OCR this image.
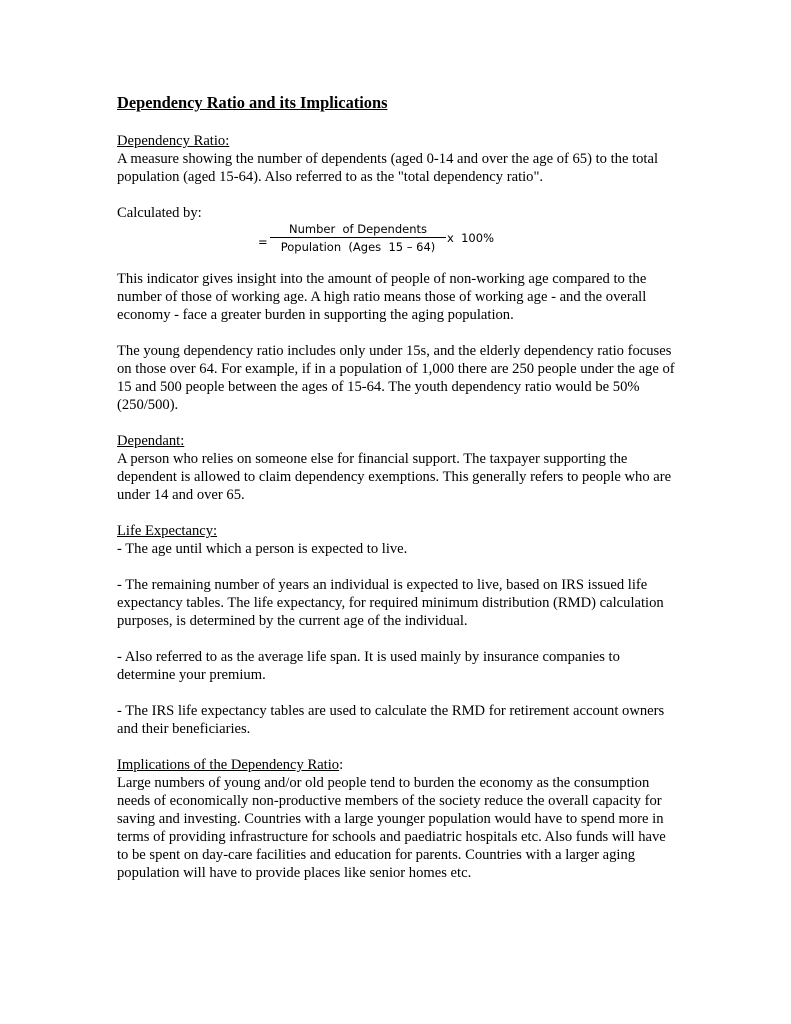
Dependency Ratio and its Implications

Dependency Ratio:

A measure showing the number of dependents (aged 0-14 and over the age of 65) to the total population (aged 15-64). Also referred to as the "total dependency ratio".

Calculated by:

=
Number  of Dependents
Population  (Ages  15 – 64)
x  100%

This indicator gives insight into the amount of people of non-working age compared to the number of those of working age. A high ratio means those of working age - and the overall economy - face a greater burden in supporting the aging population.

The young dependency ratio includes only under 15s, and the elderly dependency ratio focuses on those over 64. For example, if in a population of 1,000 there are 250 people under the age of 15 and 500 people between the ages of 15-64. The youth dependency ratio would be 50% (250/500).

Dependant:

A person who relies on someone else for financial support. The taxpayer supporting the dependent is allowed to claim dependency exemptions. This generally refers to people who are under 14 and over 65.

Life Expectancy:

- The age until which a person is expected to live.

- The remaining number of years an individual is expected to live, based on IRS issued life expectancy tables. The life expectancy, for required minimum distribution (RMD) calculation purposes, is determined by the current age of the individual.

- Also referred to as the average life span. It is used mainly by insurance companies to determine your premium.

- The IRS life expectancy tables are used to calculate the RMD for retirement account owners and their beneficiaries.

Implications of the Dependency Ratio:

Large numbers of young and/or old people tend to burden the economy as the consumption needs of economically non-productive members of the society reduce the overall capacity for saving and investing. Countries with a large younger population would have to spend more in terms of providing infrastructure for schools and paediatric hospitals etc. Also funds will have to be spent on day-care facilities and education for parents. Countries with a larger aging population will have to provide places like senior homes etc.
